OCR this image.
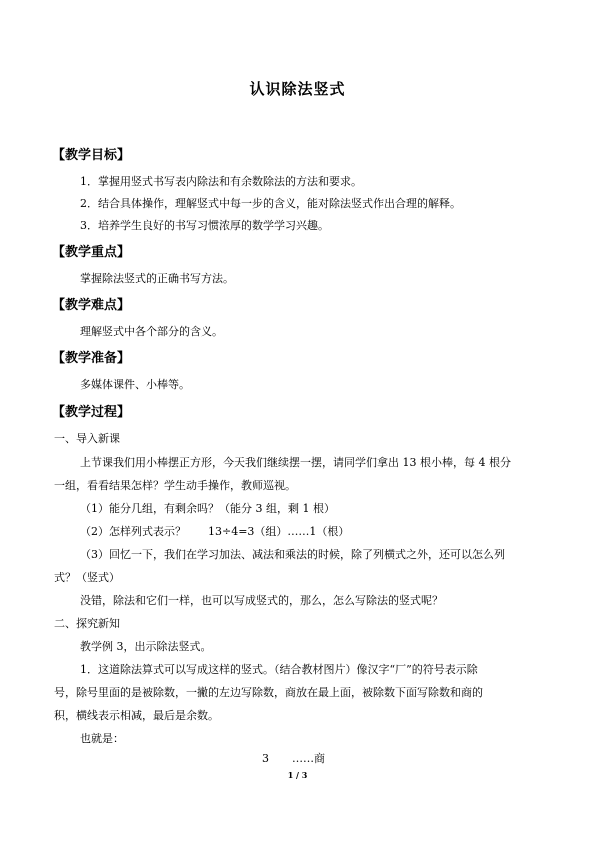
认识除法竖式
【教学目标】
1．掌握用竖式书写表内除法和有余数除法的方法和要求。
2．结合具体操作，理解竖式中每一步的含义，能对除法竖式作出合理的解释。
3．培养学生良好的书写习惯浓厚的数学学习兴趣。
【教学重点】
掌握除法竖式的正确书写方法。
【教学难点】
理解竖式中各个部分的含义。
【教学准备】
多媒体课件、小棒等。
【教学过程】
一、导入新课
上节课我们用小棒摆正方形，今天我们继续摆一摆，请同学们拿出 13 根小棒，每 4 根分
一组，看看结果怎样？学生动手操作，教师巡视。
（1）能分几组，有剩余吗？（能分 3 组，剩 1 根）
（2）怎样列式表示？　　13÷4=3（组）……1（根）
（3）回忆一下，我们在学习加法、减法和乘法的时候，除了列横式之外，还可以怎么列
式？（竖式）
没错，除法和它们一样，也可以写成竖式的，那么，怎么写除法的竖式呢？
二、探究新知
教学例 3，出示除法竖式。
1．这道除法算式可以写成这样的竖式。（结合教材图片）像汉字“厂”的符号表示除
号，除号里面的是被除数，一撇的左边写除数，商放在最上面，被除数下面写除数和商的
积，横线表示相减，最后是余数。
也就是：
3 ……商
1 / 3
